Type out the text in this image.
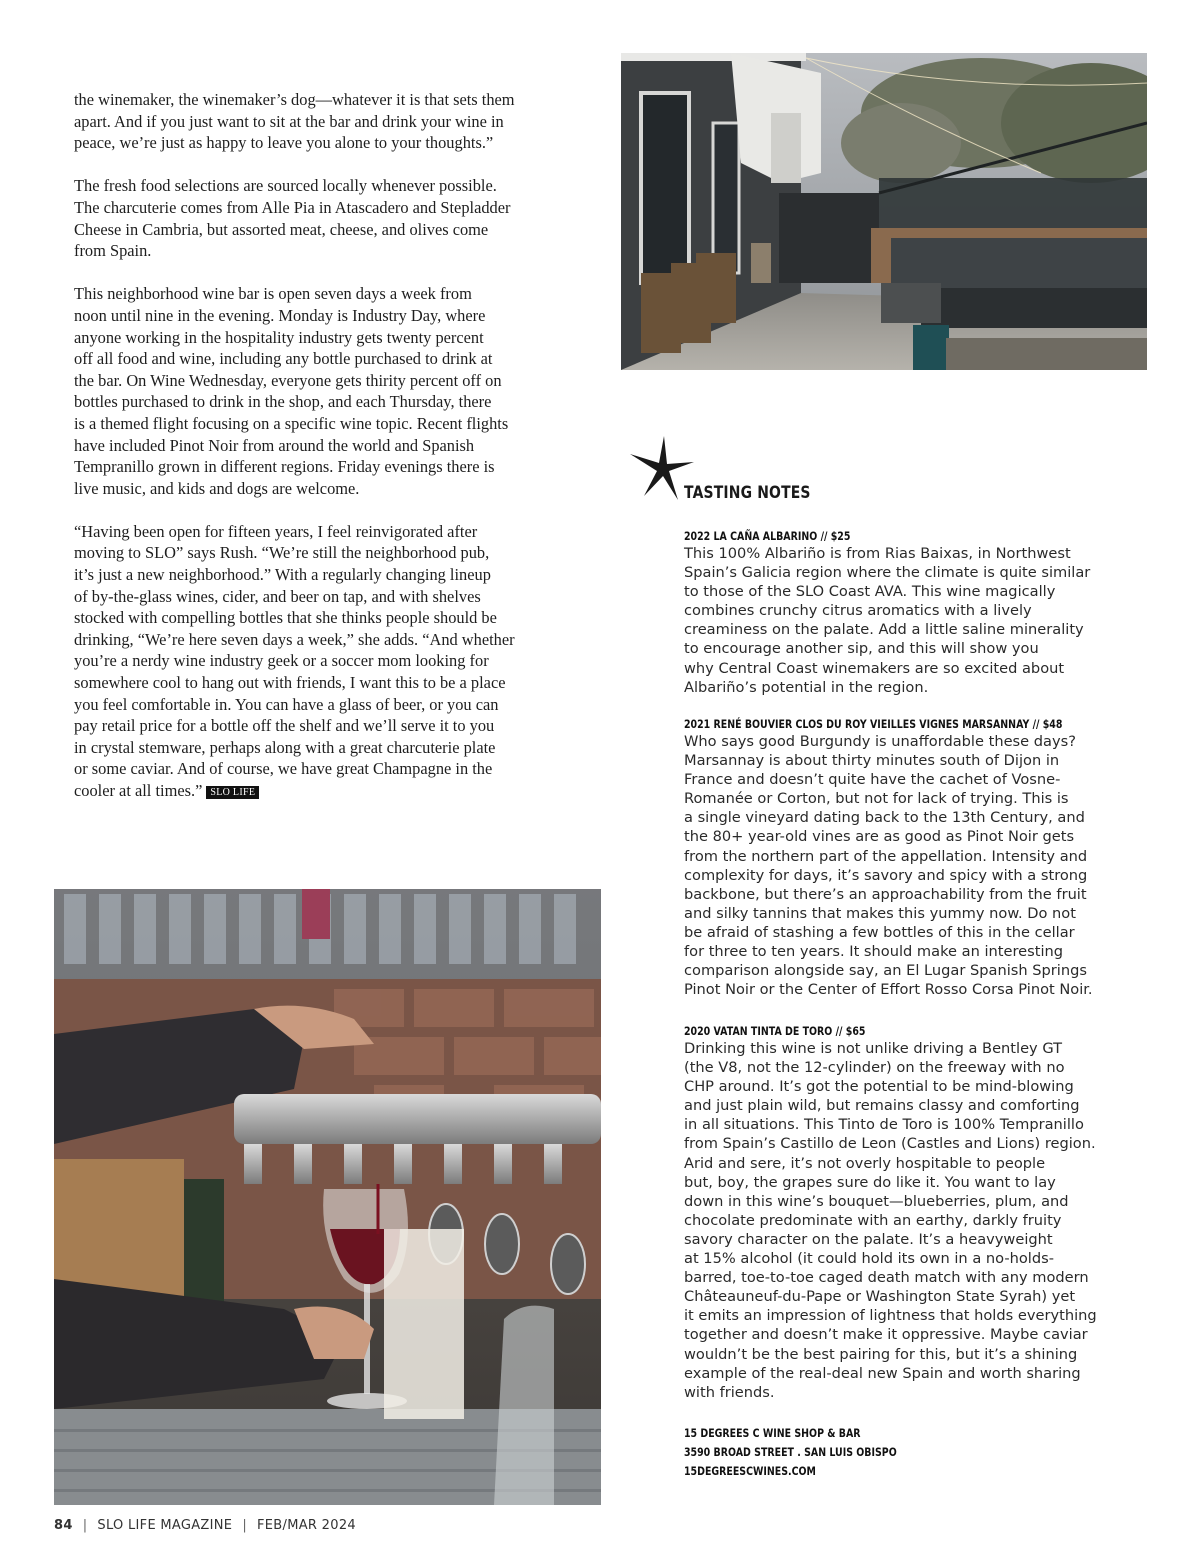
the winemaker, the winemaker’s dog—whatever it is that sets them
apart. And if you just want to sit at the bar and drink your wine in
peace, we’re just as happy to leave you alone to your thoughts.”

The fresh food selections are sourced locally whenever possible.
The charcuterie comes from Alle Pia in Atascadero and Stepladder
Cheese in Cambria, but assorted meat, cheese, and olives come
from Spain.

This neighborhood wine bar is open seven days a week from
noon until nine in the evening. Monday is Industry Day, where
anyone working in the hospitality industry gets twenty percent
off all food and wine, including any bottle purchased to drink at
the bar. On Wine Wednesday, everyone gets thirity percent off on
bottles purchased to drink in the shop, and each Thursday, there
is a themed flight focusing on a specific wine topic. Recent flights
have included Pinot Noir from around the world and Spanish
Tempranillo grown in different regions. Friday evenings there is
live music, and kids and dogs are welcome.

“Having been open for fifteen years, I feel reinvigorated after
moving to SLO” says Rush. “We’re still the neighborhood pub,
it’s just a new neighborhood.” With a regularly changing lineup
of by-the-glass wines, cider, and beer on tap, and with shelves
stocked with compelling bottles that she thinks people should be
drinking, “We’re here seven days a week,” she adds. “And whether
you’re a nerdy wine industry geek or a soccer mom looking for
somewhere cool to hang out with friends, I want this to be a place
you feel comfortable in. You can have a glass of beer, or you can
pay retail price for a bottle off the shelf and we’ll serve it to you
in crystal stemware, perhaps along with a great charcuterie plate
or some caviar. And of course, we have great Champagne in the
cooler at all times.” SLO LIFE

TASTING NOTES
2022 LA CAÑA ALBARINO // $25
This 100% Albariño is from Rias Baixas, in Northwest
Spain’s Galicia region where the climate is quite similar
to those of the SLO Coast AVA. This wine magically
combines crunchy citrus aromatics with a lively
creaminess on the palate. Add a little saline minerality
to encourage another sip, and this will show you
why Central Coast winemakers are so excited about
Albariño’s potential in the region.
2021 RENÉ BOUVIER CLOS DU ROY VIEILLES VIGNES MARSANNAY // $48
Who says good Burgundy is unaffordable these days?
Marsannay is about thirty minutes south of Dijon in
France and doesn’t quite have the cachet of Vosne-
Romanée or Corton, but not for lack of trying. This is
a single vineyard dating back to the 13th Century, and
the 80+ year-old vines are as good as Pinot Noir gets
from the northern part of the appellation. Intensity and
complexity for days, it’s savory and spicy with a strong
backbone, but there’s an approachability from the fruit
and silky tannins that makes this yummy now. Do not
be afraid of stashing a few bottles of this in the cellar
for three to ten years. It should make an interesting
comparison alongside say, an El Lugar Spanish Springs
Pinot Noir or the Center of Effort Rosso Corsa Pinot Noir.
2020 VATAN TINTA DE TORO // $65
Drinking this wine is not unlike driving a Bentley GT
(the V8, not the 12-cylinder) on the freeway with no
CHP around. It’s got the potential to be mind-blowing
and just plain wild, but remains classy and comforting
in all situations. This Tinto de Toro is 100% Tempranillo
from Spain’s Castillo de Leon (Castles and Lions) region.
Arid and sere, it’s not overly hospitable to people
but, boy, the grapes sure do like it. You want to lay
down in this wine’s bouquet—blueberries, plum, and
chocolate predominate with an earthy, darkly fruity
savory character on the palate. It’s a heavyweight
at 15% alcohol (it could hold its own in a no-holds-
barred, toe-to-toe caged death match with any modern
Châteauneuf-du-Pape or Washington State Syrah) yet
it emits an impression of lightness that holds everything
together and doesn’t make it oppressive. Maybe caviar
wouldn’t be the best pairing for this, but it’s a shining
example of the real-deal new Spain and worth sharing
with friends.
15 DEGREES C WINE SHOP & BAR
3590 BROAD STREET . SAN LUIS OBISPO
15DEGREESCWINES.COM
84 | SLO LIFE MAGAZINE | FEB/MAR 2024
